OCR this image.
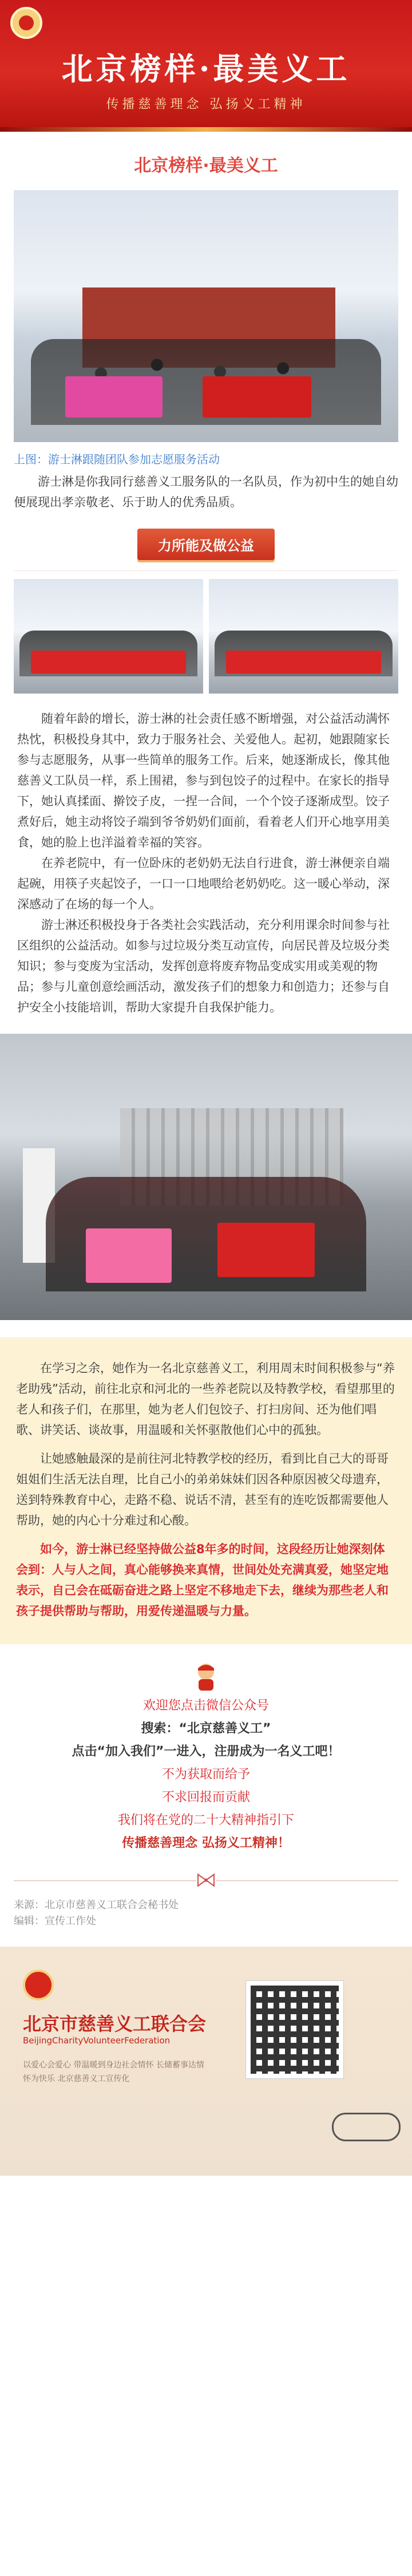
北京榜样·最美义工
传播慈善理念 弘扬义工精神
北京榜样·最美义工
上图：游士淋跟随团队参加志愿服务活动

游士淋是你我同行慈善义工服务队的一名队员，作为初中生的她自幼便展现出孝亲敬老、乐于助人的优秀品质。

力所能及做公益

随着年龄的增长，游士淋的社会责任感不断增强，对公益活动满怀热忱，积极投身其中，致力于服务社会、关爱他人。起初，她跟随家长参与志愿服务，从事一些简单的服务工作。后来，她逐渐成长，像其他慈善义工队员一样，系上围裙，参与到包饺子的过程中。在家长的指导下，她认真揉面、擀饺子皮，一捏一合间，一个个饺子逐渐成型。饺子煮好后，她主动将饺子端到爷爷奶奶们面前，看着老人们开心地享用美食，她的脸上也洋溢着幸福的笑容。

在养老院中，有一位卧床的老奶奶无法自行进食，游士淋便亲自端起碗，用筷子夹起饺子，一口一口地喂给老奶奶吃。这一暖心举动，深深感动了在场的每一个人。

游士淋还积极投身于各类社会实践活动，充分利用课余时间参与社区组织的公益活动。如参与过垃圾分类互动宣传，向居民普及垃圾分类知识；参与变废为宝活动，发挥创意将废弃物品变成实用或美观的物品；参与儿童创意绘画活动，激发孩子们的想象力和创造力；还参与自护安全小技能培训，帮助大家提升自我保护能力。

在学习之余，她作为一名北京慈善义工，利用周末时间积极参与“养老助残”活动，前往北京和河北的一些养老院以及特教学校，看望那里的老人和孩子们，在那里，她为老人们包饺子、打扫房间、还为他们唱歌、讲笑话、谈故事，用温暖和关怀驱散他们心中的孤独。

让她感触最深的是前往河北特教学校的经历，看到比自己大的哥哥姐姐们生活无法自理，比自己小的弟弟妹妹们因各种原因被父母遗弃，送到特殊教育中心，走路不稳、说话不清，甚至有的连吃饭都需要他人帮助，她的内心十分难过和心酸。

如今，游士淋已经坚持做公益8年多的时间，这段经历让她深刻体会到：人与人之间，真心能够换来真情，世间处处充满真爱，她坚定地表示，自己会在砥砺奋进之路上坚定不移地走下去，继续为那些老人和孩子提供帮助与帮助，用爱传递温暖与力量。

欢迎您点击微信公众号
搜索：“北京慈善义工”
点击“加入我们”一进入，注册成为一名义工吧！
不为获取而给予
不求回报而贡献
我们将在党的二十大精神指引下
传播慈善理念 弘扬义工精神！
来源：北京市慈善义工联合会秘书处
编辑：宣传工作处
北京市慈善义工联合会
BeijingCharityVolunteerFederation
以爱心会爱心 带温暖到身边社会情怀 长储蓄事达情怀为快乐 北京慈善义工宣传化
